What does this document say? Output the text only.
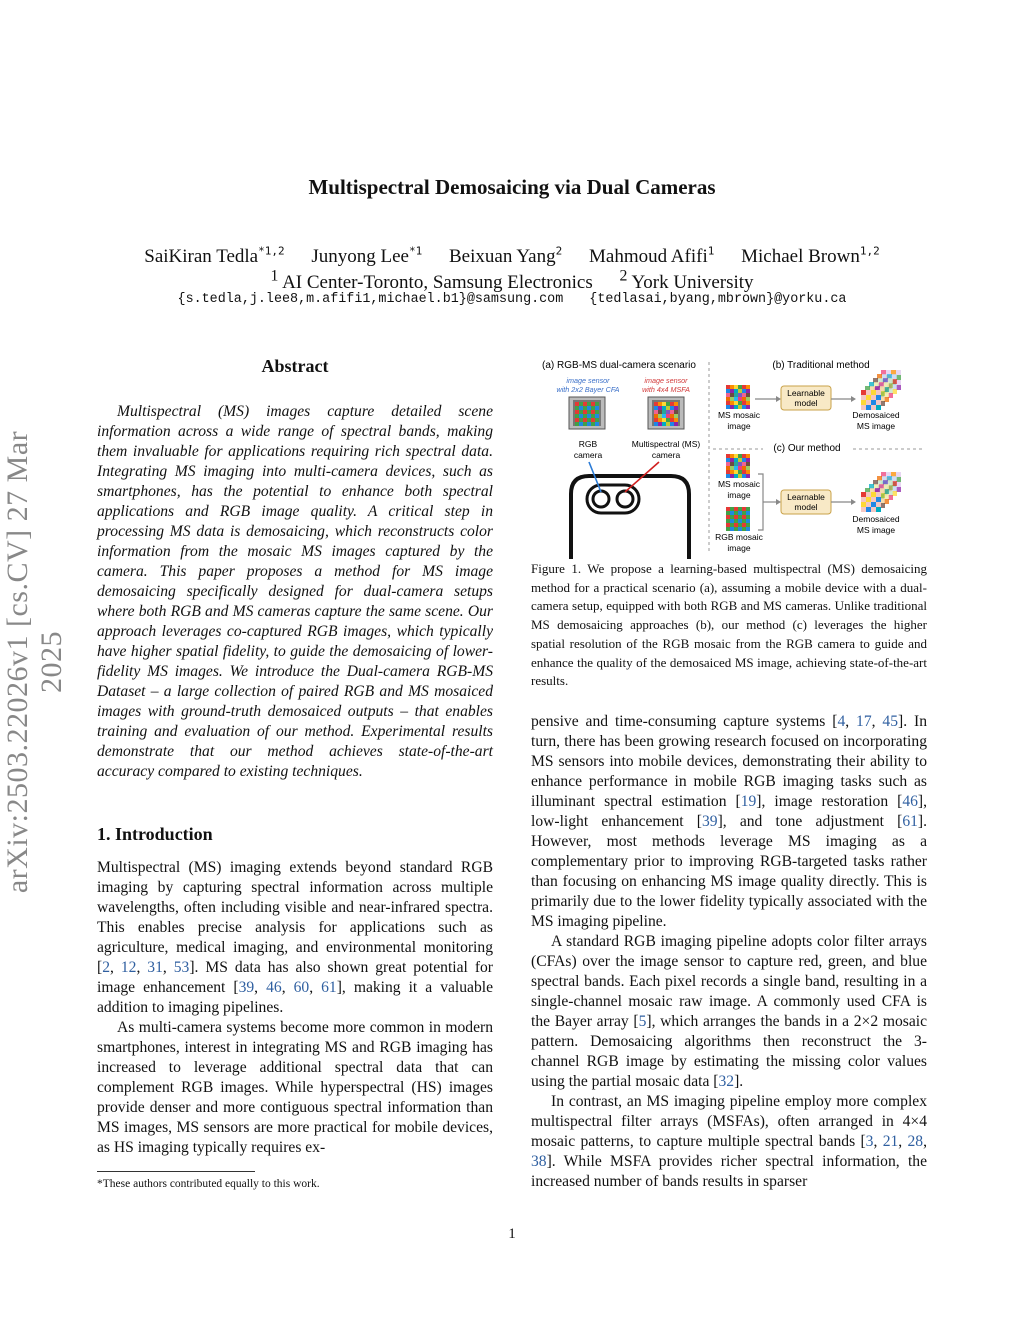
arXiv:2503.22026v1 [cs.CV] 27 Mar 2025
Multispectral Demosaicing via Dual Cameras
SaiKiran Tedla$^{*1,2}$ Junyong Lee$^{*1}$ Beixuan Yang$^2$ Mahmoud Afifi$^1$ Michael Brown$^{1,2}$
$^1$ AI Center-Toronto, Samsung Electronics $^2$ York University
{s.tedla,j.lee8,m.afifi1,michael.b1}@samsung.com {tedlasai,byang,mbrown}@yorku.ca
Abstract

Multispectral (MS) images capture detailed scene information across a wide range of spectral bands, making them invaluable for applications requiring rich spectral data. Integrating MS imaging into multi-camera devices, such as smartphones, has the potential to enhance both spectral applications and RGB image quality. A critical step in processing MS data is demosaicing, which reconstructs color information from the mosaic MS images captured by the camera. This paper proposes a method for MS image demosaicing specifically designed for dual-camera setups where both RGB and MS cameras capture the same scene. Our approach leverages co-captured RGB images, which typically have higher spatial fidelity, to guide the demosaicing of lower-fidelity MS images. We introduce the Dual-camera RGB-MS Dataset – a large collection of paired RGB and MS mosaiced images with ground-truth demosaiced outputs – that enables training and evaluation of our method. Experimental results demonstrate that our method achieves state-of-the-art accuracy compared to existing techniques.

1. Introduction

Multispectral (MS) imaging extends beyond standard RGB imaging by capturing spectral information across multiple wavelengths, often including visible and near-infrared spectra. This enables precise analysis for applications such as agriculture, medical imaging, and environmental monitoring [2, 12, 31, 53]. MS data has also shown great potential for image enhancement [39, 46, 60, 61], making it a valuable addition to imaging pipelines.

As multi-camera systems become more common in modern smartphones, interest in integrating MS and RGB imaging has increased to leverage additional spectral data that can complement RGB images. While hyperspectral (HS) images provide denser and more contiguous spectral information than MS images, MS sensors are more practical for mobile devices, as HS imaging typically requires ex-

*These authors contributed equally to this work.
(a) RGB-MS dual-camera scenario	(b) Traditional method
(c) Our method
image sensor
with 2x2 Bayer CFA
image sensor
with 4x4 MSFA
RGB
camera
Multispectral (MS)
camera
MS mosaic
image
Learnable
model
Demosaiced
MS image
MS mosaic
image
RGB mosaic
image
Learnable
model
Demosaiced
MS image
Figure 1. We propose a learning-based multispectral (MS) demosaicing method for a practical scenario (a), assuming a mobile device with a dual-camera setup, equipped with both RGB and MS cameras. Unlike traditional MS demosaicing approaches (b), our method (c) leverages the higher spatial resolution of the RGB mosaic from the RGB camera to guide and enhance the quality of the demosaiced MS image, achieving state-of-the-art results.

pensive and time-consuming capture systems [4, 17, 45]. In turn, there has been growing research focused on incorporating MS sensors into mobile devices, demonstrating their ability to enhance performance in mobile RGB imaging tasks such as illuminant spectral estimation [19], image restoration [46], low-light enhancement [39], and tone adjustment [61]. However, most methods leverage MS imaging as a complementary prior to improving RGB-targeted tasks rather than focusing on enhancing MS image quality directly. This is primarily due to the lower fidelity typically associated with the MS imaging pipeline.

A standard RGB imaging pipeline adopts color filter arrays (CFAs) over the image sensor to capture red, green, and blue spectral bands. Each pixel records a single band, resulting in a single-channel mosaic raw image. A commonly used CFA is the Bayer array [5], which arranges the bands in a 2×2 mosaic pattern. Demosaicing algorithms then reconstruct the 3-channel RGB image by estimating the missing color values using the partial mosaic data [32].

In contrast, an MS imaging pipeline employ more complex multispectral filter arrays (MSFAs), often arranged in 4×4 mosaic patterns, to capture multiple spectral bands [3, 21, 28, 38]. While MSFA provides richer spectral information, the increased number of bands results in sparser

1
